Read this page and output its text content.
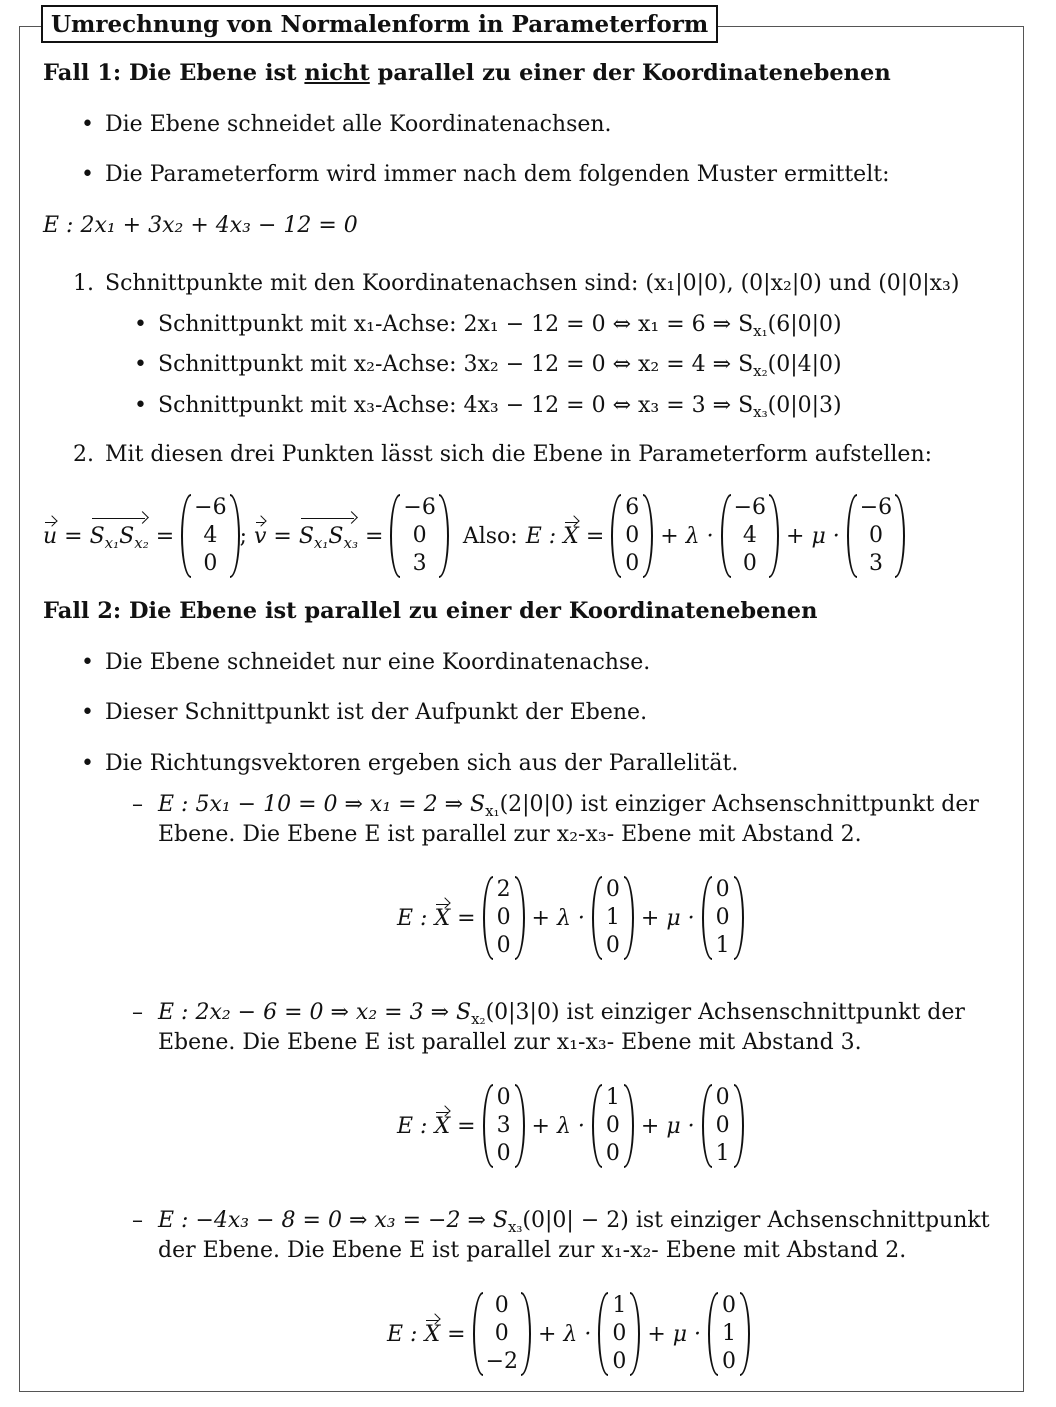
Umrechnung von Normalenform in Parameterform
Fall 1: Die Ebene ist nicht parallel zu einer der Koordinatenebenen
• Die Ebene schneidet alle Koordinatenachsen.
• Die Parameterform wird immer nach dem folgenden Muster ermittelt:
E : 2x₁ + 3x₂ + 4x₃ − 12 = 0
1. Schnittpunkte mit den Koordinatenachsen sind: (x₁|0|0), (0|x₂|0) und (0|0|x₃)
• Schnittpunkt mit x₁-Achse: 2x₁ − 12 = 0 ⇔ x₁ = 6 ⇒ $S_{x_1}(6|0|0)$
• Schnittpunkt mit x₂-Achse: 3x₂ − 12 = 0 ⇔ x₂ = 4 ⇒ $S_{x_2}(0|4|0)$
• Schnittpunkt mit x₃-Achse: 4x₃ − 12 = 0 ⇔ x₃ = 3 ⇒ $S_{x_3}(0|0|3)$
2. Mit diesen drei Punkten lässt sich die Ebene in Parameterform aufstellen:
$u = S_{x_1}S_{x_2}$ =
−6
4
0
; $v = S_{x_1}S_{x_3}$ =
−6
0
3
Also: E : X =
6
0
0
+ λ ·
−6
4
0
+ μ ·
−6
0
3
Fall 2: Die Ebene ist parallel zu einer der Koordinatenebenen
• Die Ebene schneidet nur eine Koordinatenachse.
• Dieser Schnittpunkt ist der Aufpunkt der Ebene.
• Die Richtungsvektoren ergeben sich aus der Parallelität.
– E : 5x₁ − 10 = 0 ⇒ x₁ = 2 ⇒ $S_{x_1}(2|0|0)$ ist einziger Achsenschnittpunkt der
Ebene. Die Ebene E ist parallel zur x₂-x₃- Ebene mit Abstand 2.
E : X =
2
0
0
+ λ ·
0
1
0
+ μ ·
0
0
1
– E : 2x₂ − 6 = 0 ⇒ x₂ = 3 ⇒ $S_{x_2}(0|3|0)$ ist einziger Achsenschnittpunkt der
Ebene. Die Ebene E ist parallel zur x₁-x₃- Ebene mit Abstand 3.
E : X =
0
3
0
+ λ ·
1
0
0
+ μ ·
0
0
1
– E : −4x₃ − 8 = 0 ⇒ x₃ = −2 ⇒ $S_{x_3}(0|0| - 2)$ ist einziger Achsenschnittpunkt
der Ebene. Die Ebene E ist parallel zur x₁-x₂- Ebene mit Abstand 2.
E : X =
0
0
−2
+ λ ·
1
0
0
+ μ ·
0
1
0
